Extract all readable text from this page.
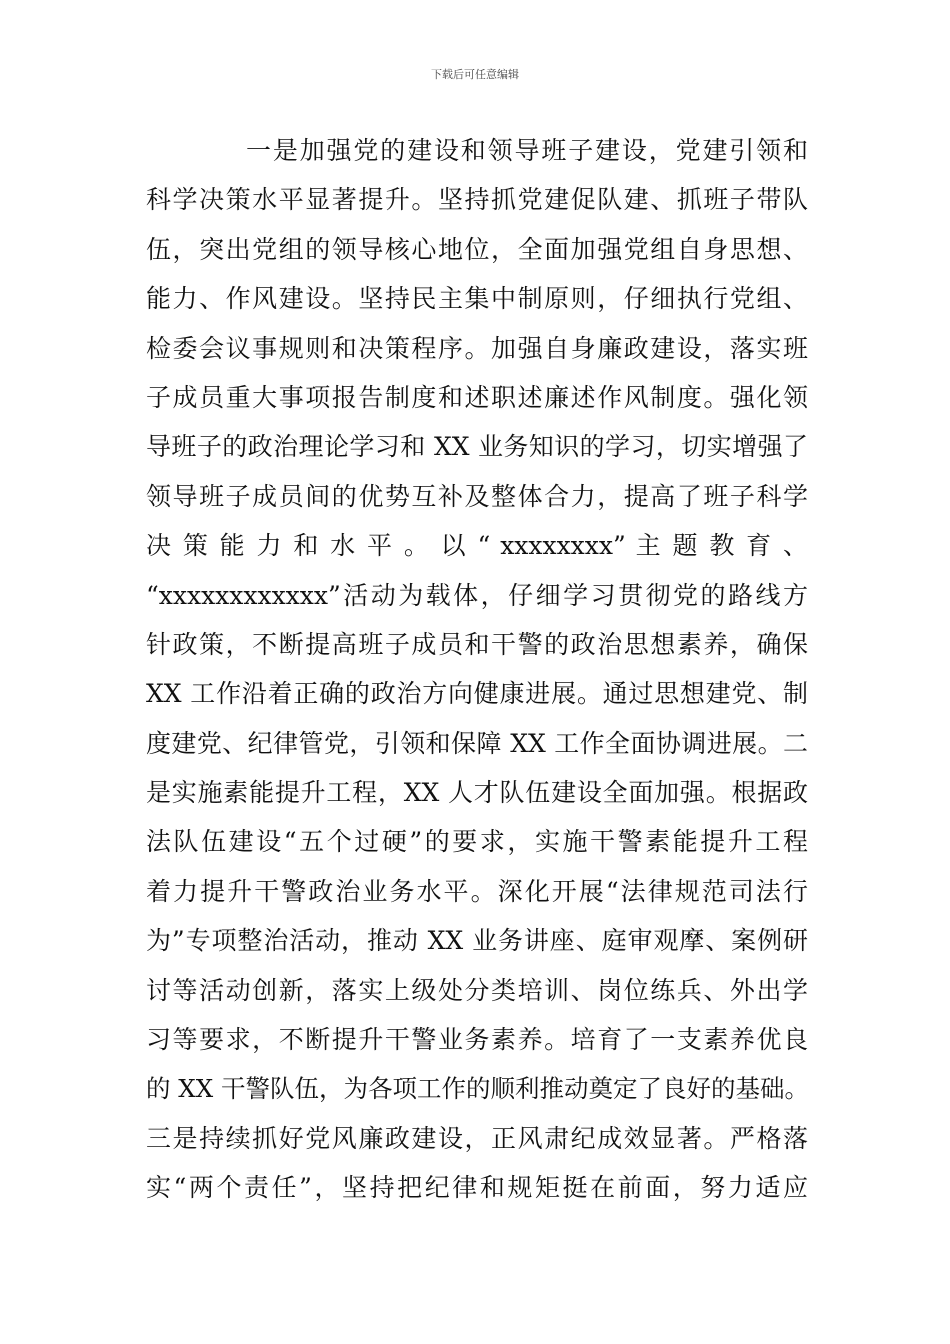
下载后可任意编辑
一是加强党的建设和领导班子建设，党建引领和
科学决策水平显著提升。坚持抓党建促队建、抓班子带队
伍，突出党组的领导核心地位，全面加强党组自身思想、
能力、作风建设。坚持民主集中制原则，仔细执行党组、
检委会议事规则和决策程序。加强自身廉政建设，落实班
子成员重大事项报告制度和述职述廉述作风制度。强化领
导班子的政治理论学习和 XX 业务知识的学习，切实增强了
领导班子成员间的优势互补及整体合力，提高了班子科学
决 策 能 力 和 水 平 。 以 “ xxxxxxxx” 主 题 教 育 、
“xxxxxxxxxxxx”活动为载体，仔细学习贯彻党的路线方
针政策，不断提高班子成员和干警的政治思想素养，确保
XX 工作沿着正确的政治方向健康进展。通过思想建党、制
度建党、纪律管党，引领和保障 XX 工作全面协调进展。二
是实施素能提升工程，XX 人才队伍建设全面加强。根据政
法队伍建设“五个过硬”的要求，实施干警素能提升工程
着力提升干警政治业务水平。深化开展“法律规范司法行
为”专项整治活动，推动 XX 业务讲座、庭审观摩、案例研
讨等活动创新，落实上级处分类培训、岗位练兵、外出学
习等要求，不断提升干警业务素养。培育了一支素养优良
的 XX 干警队伍，为各项工作的顺利推动奠定了良好的基础。
三是持续抓好党风廉政建设，正风肃纪成效显著。严格落
实“两个责任”，坚持把纪律和规矩挺在前面，努力适应
